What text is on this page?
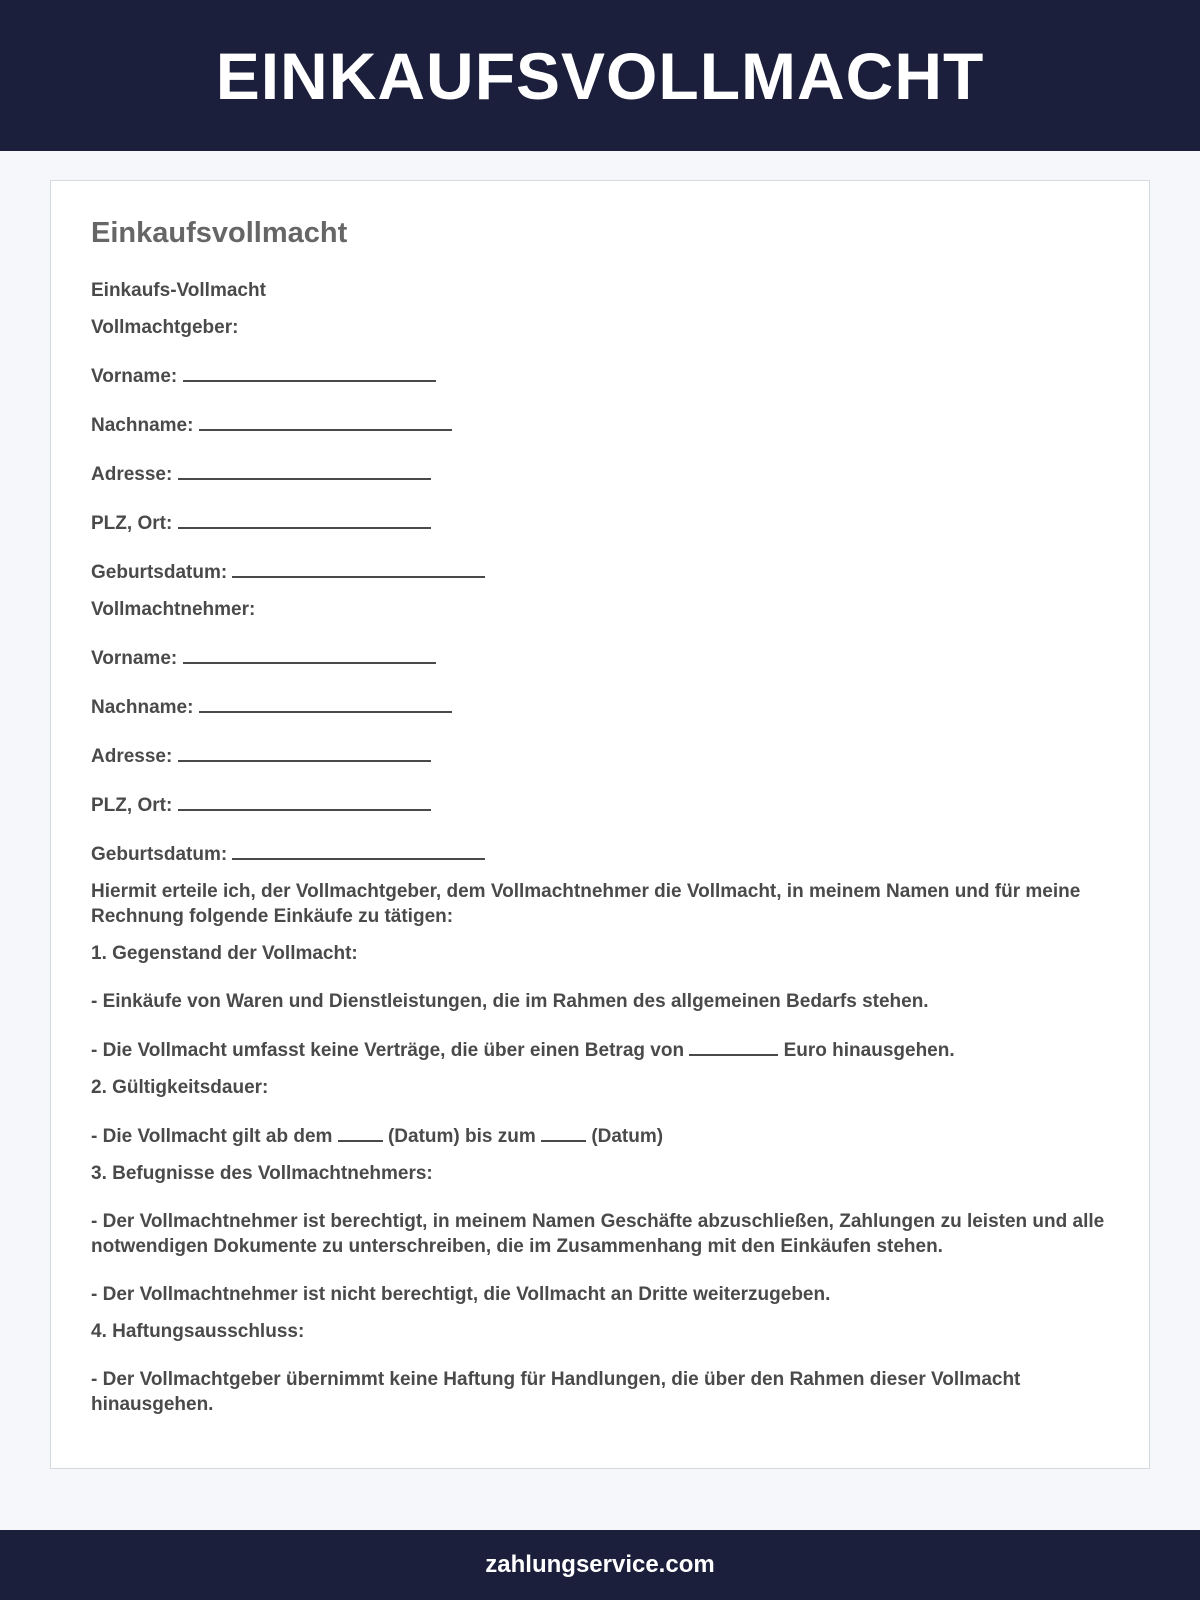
EINKAUFSVOLLMACHT
Einkaufsvollmacht

Einkaufs-Vollmacht

Vollmachtgeber:

Vorname:

Nachname:

Adresse:

PLZ, Ort:

Geburtsdatum:

Vollmachtnehmer:

Vorname:

Nachname:

Adresse:

PLZ, Ort:

Geburtsdatum:

Hiermit erteile ich, der Vollmachtgeber, dem Vollmachtnehmer die Vollmacht, in meinem Namen und für meine Rechnung folgende Einkäufe zu tätigen:

1. Gegenstand der Vollmacht:

- Einkäufe von Waren und Dienstleistungen, die im Rahmen des allgemeinen Bedarfs stehen.

- Die Vollmacht umfasst keine Verträge, die über einen Betrag von	Euro hinausgehen.

2. Gültigkeitsdauer:

- Die Vollmacht gilt ab dem	(Datum) bis zum	(Datum)

3. Befugnisse des Vollmachtnehmers:

- Der Vollmachtnehmer ist berechtigt, in meinem Namen Geschäfte abzuschließen, Zahlungen zu leisten und alle notwendigen Dokumente zu unterschreiben, die im Zusammenhang mit den Einkäufen stehen.

- Der Vollmachtnehmer ist nicht berechtigt, die Vollmacht an Dritte weiterzugeben.

4. Haftungsausschluss:

- Der Vollmachtgeber übernimmt keine Haftung für Handlungen, die über den Rahmen dieser Vollmacht hinausgehen.

zahlungservice.com
